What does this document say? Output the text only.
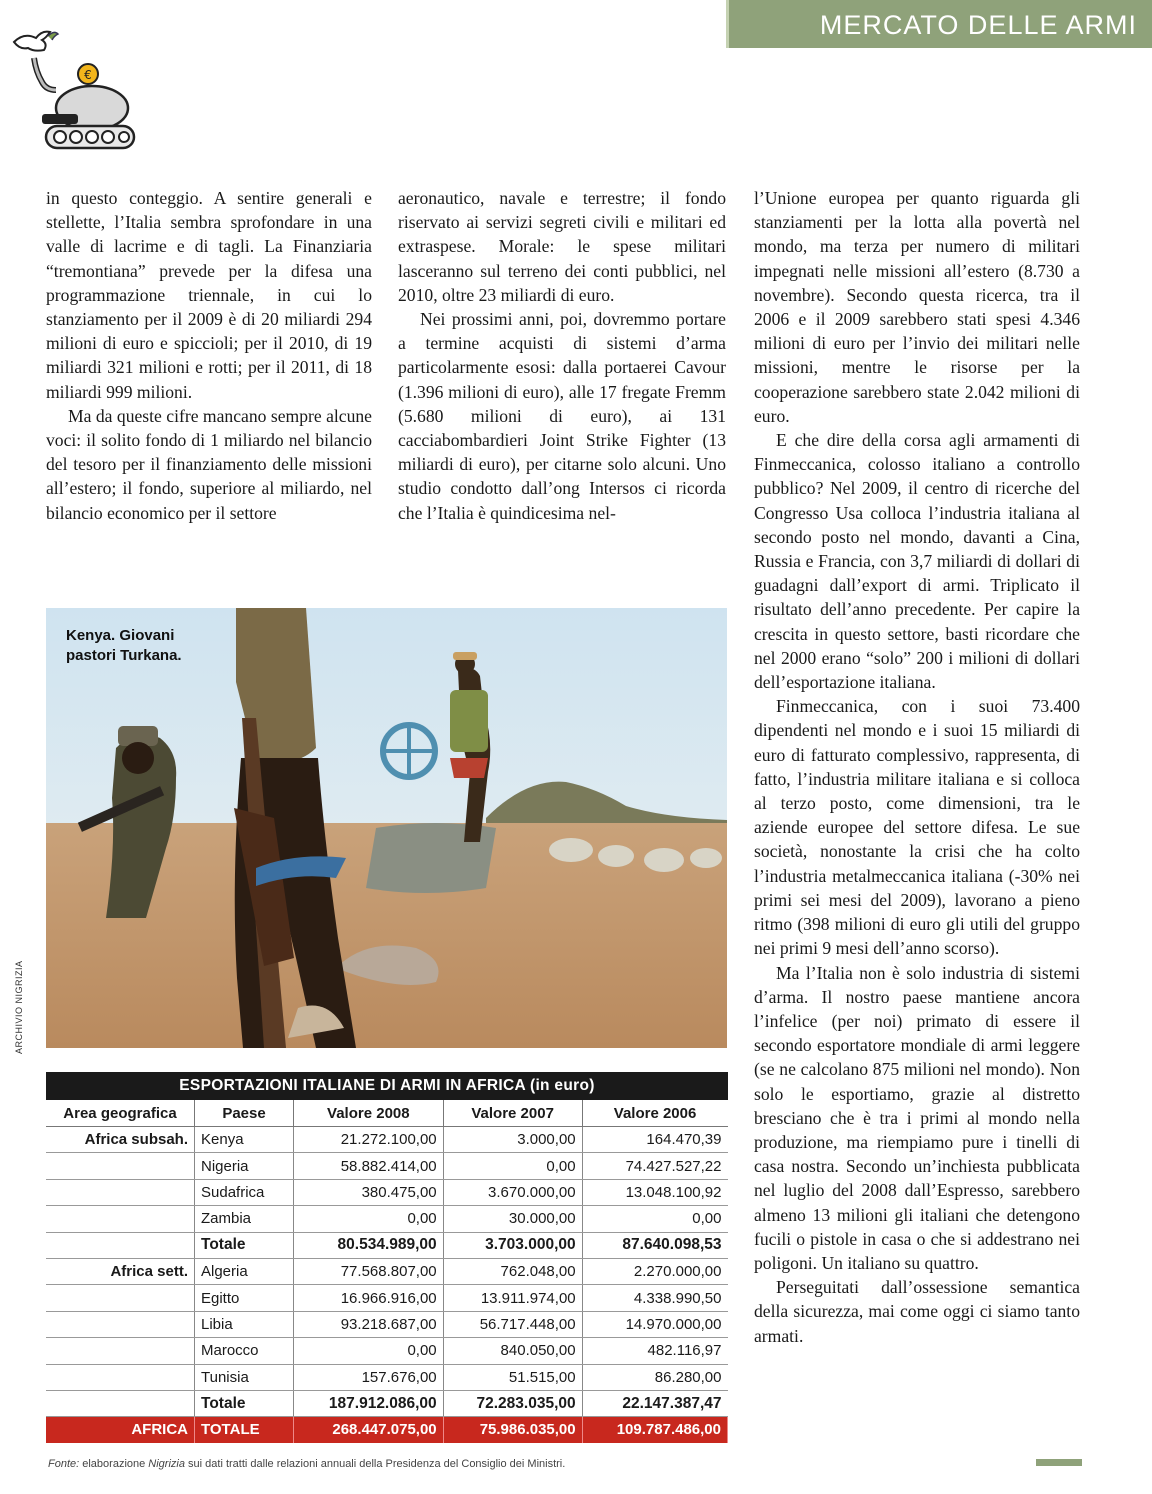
MERCATO DELLE ARMI
€

in questo conteggio. A sentire generali e stellette, l’Italia sembra sprofondare in una valle di lacrime e di tagli. La Finanziaria “tremontiana” prevede per la difesa una programmazione triennale, in cui lo stanziamento per il 2009 è di 20 miliardi 294 milioni di euro e spiccioli; per il 2010, di 19 miliardi 321 milioni e rotti; per il 2011, di 18 miliardi 999 milioni.

Ma da queste cifre mancano sempre alcune voci: il solito fondo di 1 miliardo nel bilancio del tesoro per il finanziamento delle missioni all’estero; il fondo, superiore al miliardo, nel bilancio economico per il settore

aeronautico, navale e terrestre; il fondo riservato ai servizi segreti civili e militari ed extraspese. Morale: le spese militari lasceranno sul terreno dei conti pubblici, nel 2010, oltre 23 miliardi di euro.

Nei prossimi anni, poi, dovremmo portare a termine acquisti di sistemi d’arma particolarmente esosi: dalla portaerei Cavour (1.396 milioni di euro), alle 17 fregate Fremm (5.680 milioni di euro), ai 131 cacciabombardieri Joint Strike Fighter (13 miliardi di euro), per citarne solo alcuni. Uno studio condotto dall’ong Intersos ci ricorda che l’Italia è quindicesima nel-

l’Unione europea per quanto riguarda gli stanziamenti per la lotta alla povertà nel mondo, ma terza per numero di militari impegnati nelle missioni all’estero (8.730 a novembre). Secondo questa ricerca, tra il 2006 e il 2009 sarebbero stati spesi 4.346 milioni di euro per l’invio dei militari nelle missioni, mentre le risorse per la cooperazione sarebbero state 2.042 milioni di euro.

E che dire della corsa agli armamenti di Finmeccanica, colosso italiano a controllo pubblico? Nel 2009, il centro di ricerche del Congresso Usa colloca l’industria italiana al secondo posto nel mondo, davanti a Cina, Russia e Francia, con 3,7 miliardi di dollari di guadagni dall’export di armi. Triplicato il risultato dell’anno precedente. Per capire la crescita in questo settore, basti ricordare che nel 2000 erano “solo” 200 i milioni di dollari dell’esportazione italiana.

Finmeccanica, con i suoi 73.400 dipendenti nel mondo e i suoi 15 miliardi di euro di fatturato complessivo, rappresenta, di fatto, l’industria militare italiana e si colloca al terzo posto, come dimensioni, tra le aziende europee del settore difesa. Le sue società, nonostante la crisi che ha colto l’industria metalmeccanica italiana (-30% nei primi sei mesi del 2009), lavorano a pieno ritmo (398 milioni di euro gli utili del gruppo nei primi 9 mesi dell’anno scorso).

Ma l’Italia non è solo industria di sistemi d’arma. Il nostro paese mantiene ancora l’infelice (per noi) primato di essere il secondo esportatore mondiale di armi leggere (se ne calcolano 875 milioni nel mondo). Non solo le esportiamo, grazie al distretto bresciano che è tra i primi al mondo nella produzione, ma riempiamo pure i tinelli di casa nostra. Secondo un’inchiesta pubblicata nel luglio del 2008 dall’Espresso, sarebbero almeno 13 milioni gli italiani che detengono fucili o pistole in casa o che si addestrano nei poligoni. Un italiano su quattro.

Perseguitati dall’ossessione semantica della sicurezza, mai come oggi ci siamo tanto armati.

Kenya. Giovani
pastori Turkana.
ARCHIVIO NIGRIZIA
ESPORTAZIONI ITALIANE DI ARMI IN AFRICA (in euro)
Area geografica	Paese	Valore 2008	Valore 2007	Valore 2006
Africa subsah.	Kenya	21.272.100,00	3.000,00	164.470,39
	Nigeria	58.882.414,00	0,00	74.427.527,22
	Sudafrica	380.475,00	3.670.000,00	13.048.100,92
	Zambia	0,00	30.000,00	0,00
	Totale	80.534.989,00	3.703.000,00	87.640.098,53
Africa sett.	Algeria	77.568.807,00	762.048,00	2.270.000,00
	Egitto	16.966.916,00	13.911.974,00	4.338.990,50
	Libia	93.218.687,00	56.717.448,00	14.970.000,00
	Marocco	0,00	840.050,00	482.116,97
	Tunisia	157.676,00	51.515,00	86.280,00
	Totale	187.912.086,00	72.283.035,00	22.147.387,47
AFRICA	TOTALE	268.447.075,00	75.986.035,00	109.787.486,00
Fonte: elaborazione Nigrizia sui dati tratti dalle relazioni annuali della Presidenza del Consiglio dei Ministri.
